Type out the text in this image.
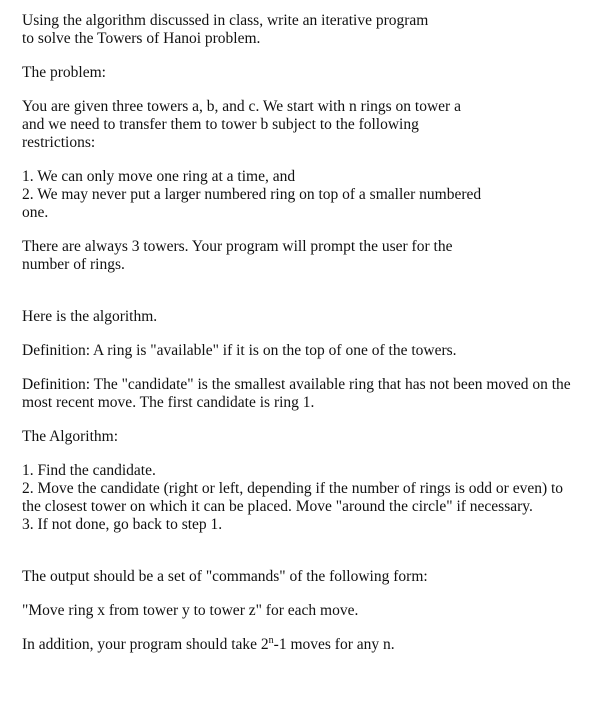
Using the algorithm discussed in class, write an iterative program

to solve the Towers of Hanoi problem.

The problem:

You are given three towers a, b, and c. We start with n rings on tower a

and we need to transfer them to tower b subject to the following

restrictions:

1. We can only move one ring at a time, and

2. We may never put a larger numbered ring on top of a smaller numbered

one.

There are always 3 towers. Your program will prompt the user for the

number of rings.

Here is the algorithm.

Definition: A ring is "available" if it is on the top of one of the towers.

Definition: The "candidate" is the smallest available ring that has not been moved on the

most recent move. The first candidate is ring 1.

The Algorithm:

1. Find the candidate.

2. Move the candidate (right or left, depending if the number of rings is odd or even) to

the closest tower on which it can be placed. Move "around the circle" if necessary.

3. If not done, go back to step 1.

The output should be a set of "commands" of the following form:

"Move ring x from tower y to tower z" for each move.

In addition, your program should take 2$^n$-1 moves for any n.
